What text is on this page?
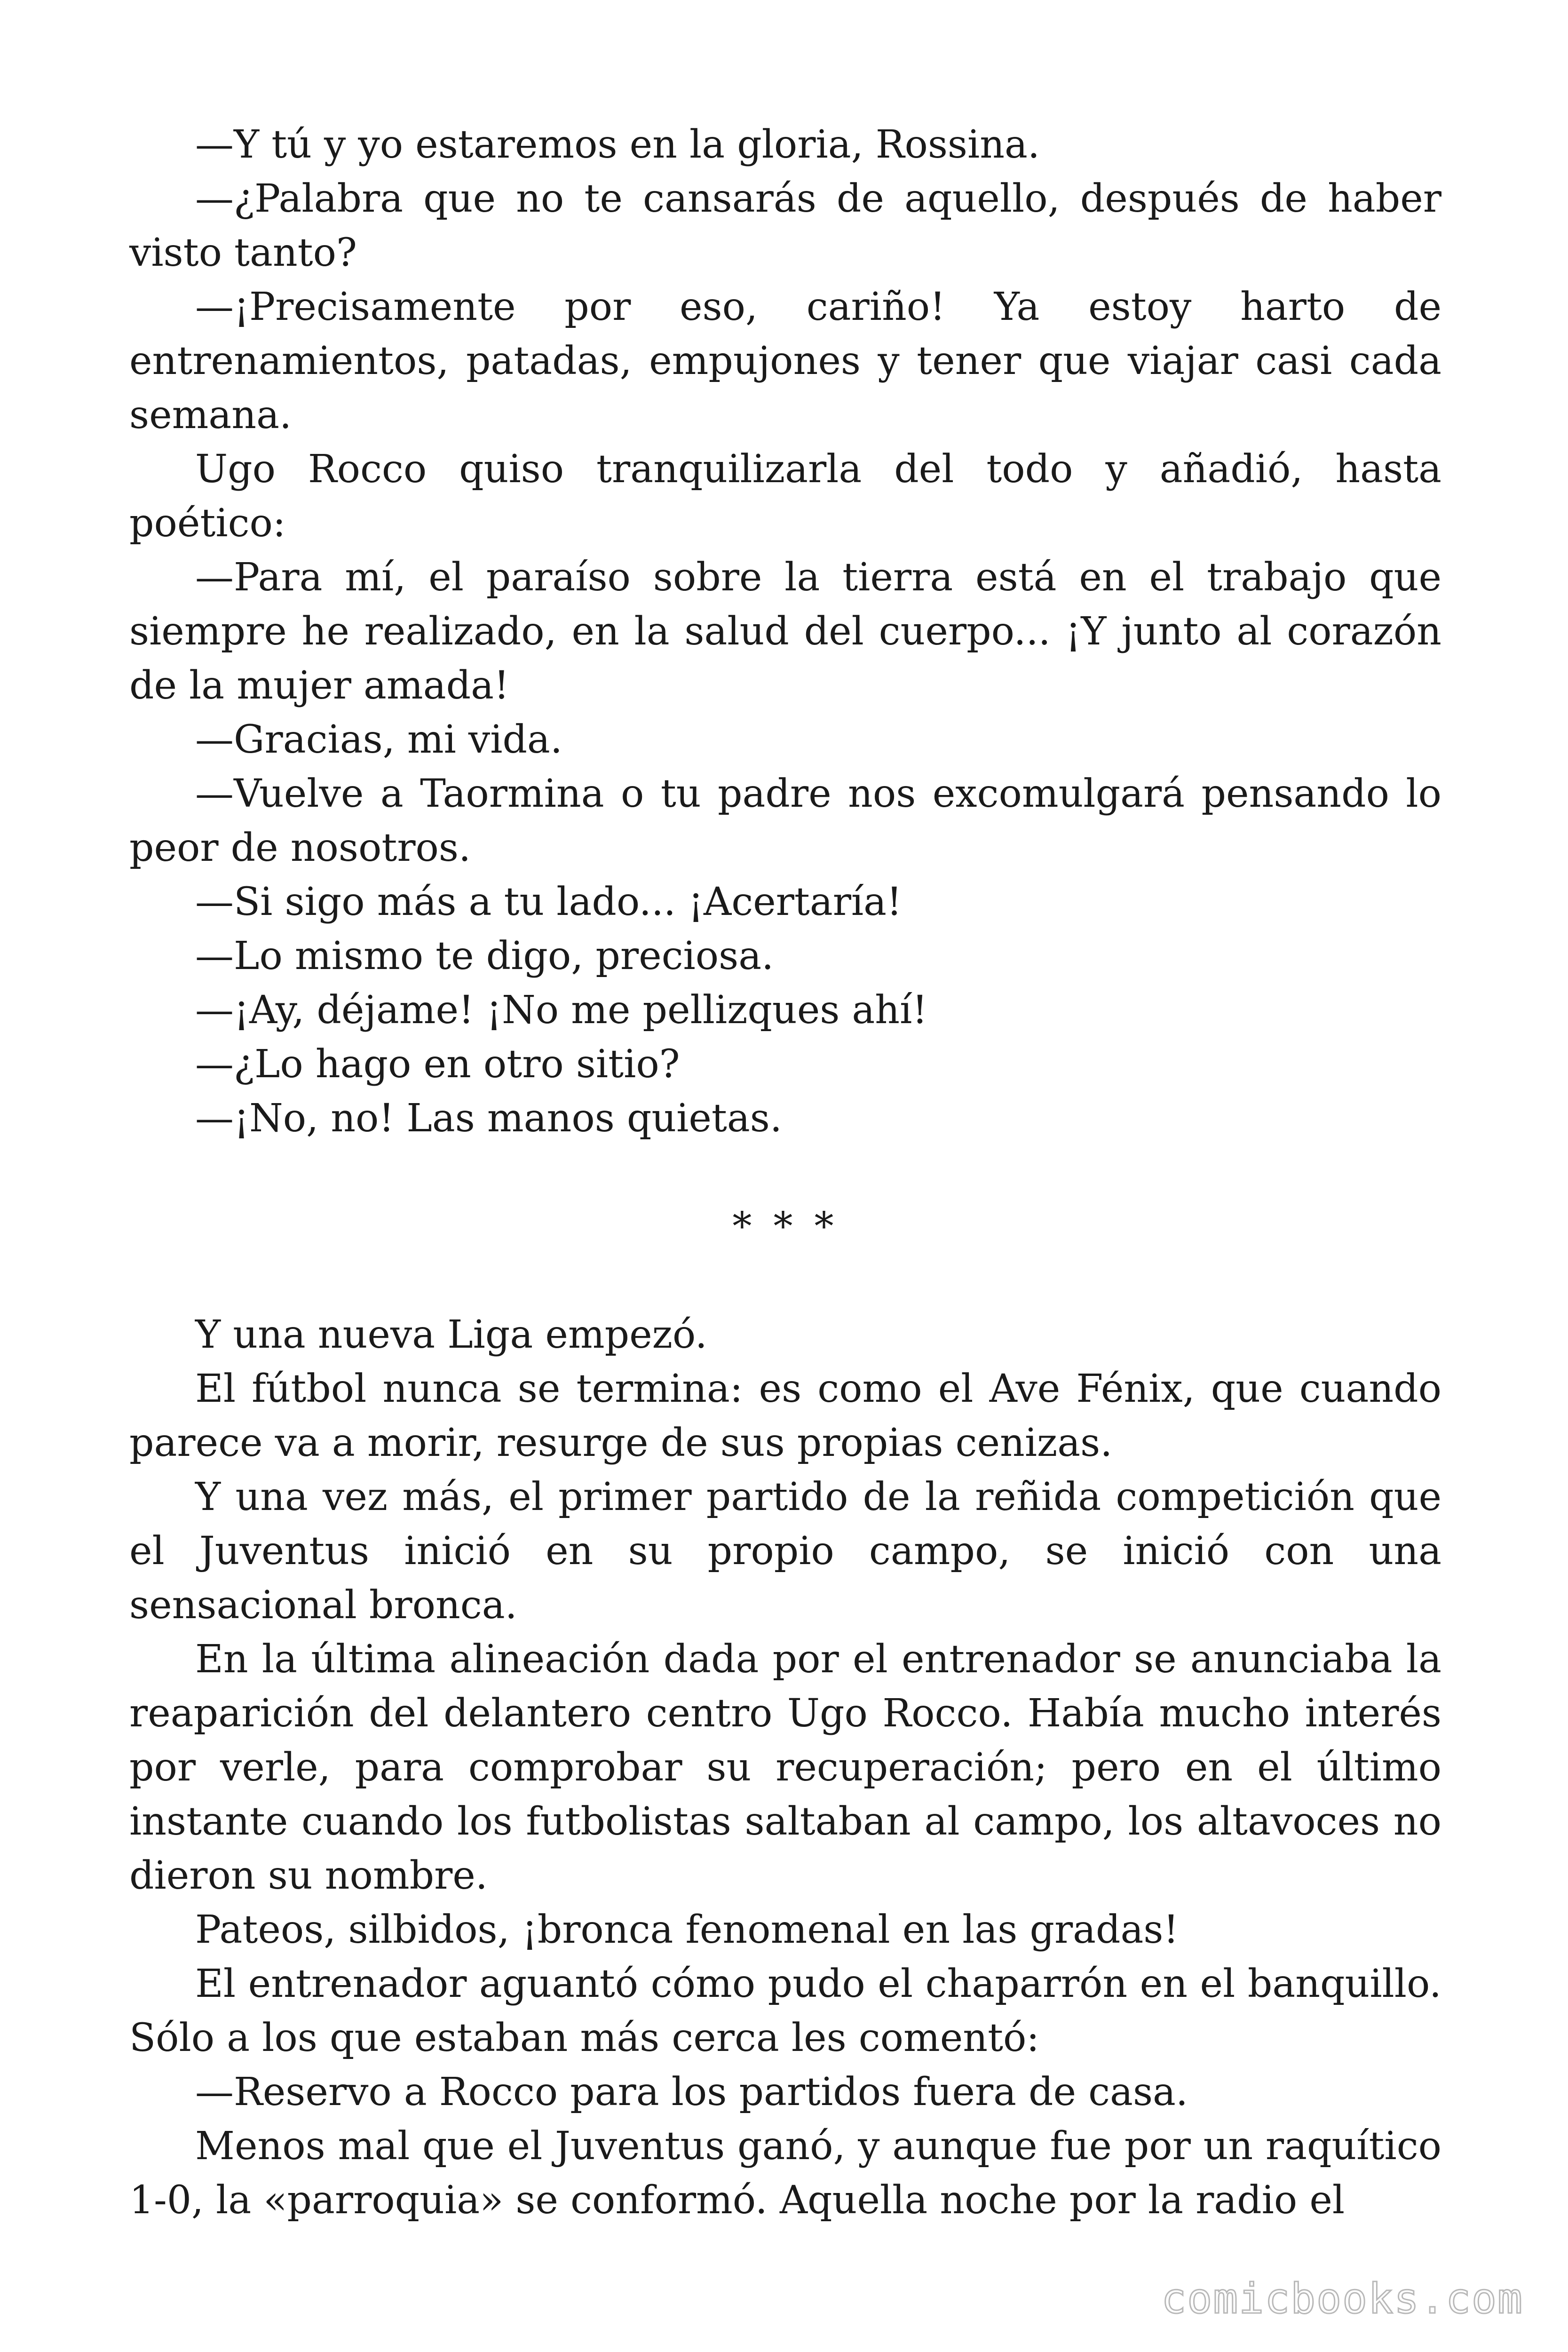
—Y tú y yo estaremos en la gloria, Rossina.

—¿Palabra que no te cansarás de aquello, después de haber visto tanto?

—¡Precisamente por eso, cariño! Ya estoy harto de entrenamientos, patadas, empujones y tener que viajar casi cada semana.

Ugo Rocco quiso tranquilizarla del todo y añadió, hasta poético:

—Para mí, el paraíso sobre la tierra está en el trabajo que siempre he realizado, en la salud del cuerpo... ¡Y junto al corazón de la mujer amada!

—Gracias, mi vida.

—Vuelve a Taormina o tu padre nos excomulgará pensando lo peor de nosotros.

—Si sigo más a tu lado... ¡Acertaría!

—Lo mismo te digo, preciosa.

—¡Ay, déjame! ¡No me pellizques ahí!

—¿Lo hago en otro sitio?

—¡No, no! Las manos quietas.

* * *

Y una nueva Liga empezó.

El fútbol nunca se termina: es como el Ave Fénix, que cuando parece va a morir, resurge de sus propias cenizas.

Y una vez más, el primer partido de la reñida competición que el Juventus inició en su propio campo, se inició con una sensacional bronca.

En la última alineación dada por el entrenador se anunciaba la reaparición del delantero centro Ugo Rocco. Había mucho interés por verle, para comprobar su recuperación; pero en el último instante cuando los futbolistas saltaban al campo, los altavoces no dieron su nombre.

Pateos, silbidos, ¡bronca fenomenal en las gradas!

El entrenador aguantó cómo pudo el chaparrón en el banquillo. Sólo a los que estaban más cerca les comentó:

—Reservo a Rocco para los partidos fuera de casa.

Menos mal que el Juventus ganó, y aunque fue por un raquítico 1-0, la «parroquia» se conformó. Aquella noche por la radio el

comicbooks.com
